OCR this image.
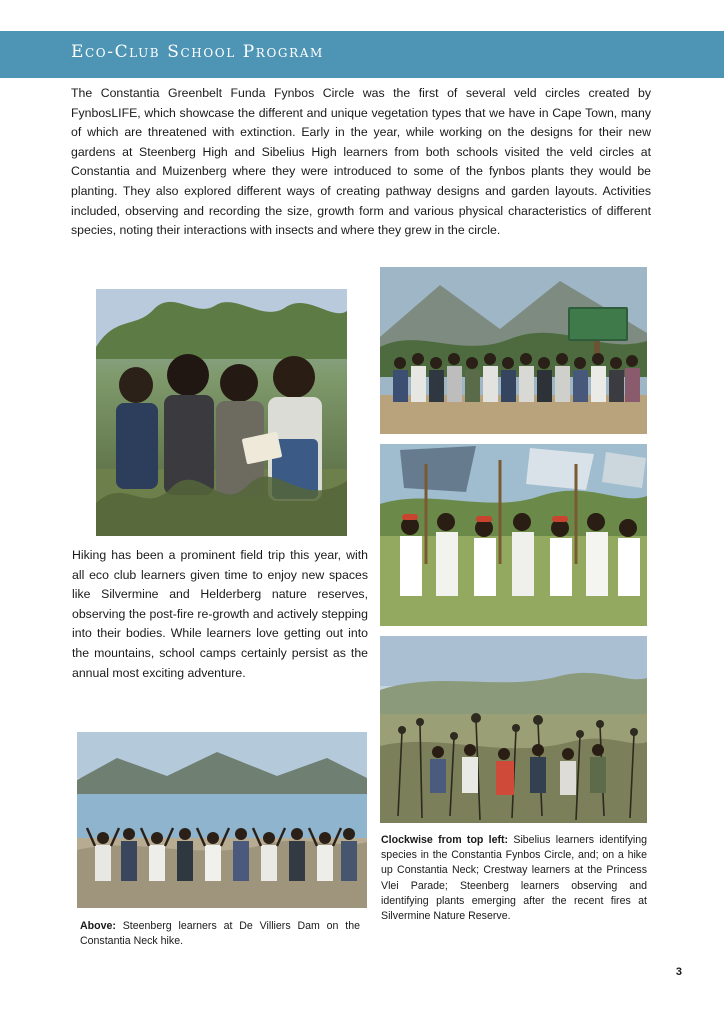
Eco-Club School Program
The Constantia Greenbelt Funda Fynbos Circle was the first of several veld circles created by FynbosLIFE, which showcase the different and unique vegetation types that we have in Cape Town, many of which are threatened with extinction. Early in the year, while working on the designs for their new gardens at Steenberg High and Sibelius High learners from both schools visited the veld circles at Constantia and Muizenberg where they were introduced to some of the fynbos plants they would be planting. They also explored different ways of creating pathway designs and garden layouts. Activities included, observing and recording the size, growth form and various physical characteristics of different species, noting their interactions with insects and where they grew in the circle.
Hiking has been a prominent field trip this year, with all eco club learners given time to enjoy new spaces like Silvermine and Helderberg nature reserves, observing the post-fire re-growth and actively stepping into their bodies. While learners love getting out into the mountains, school camps certainly persist as the annual most exciting adventure.
Above: Steenberg learners at De Villiers Dam on the Constantia Neck hike.
Clockwise from top left: Sibelius learners identifying species in the Constantia Fynbos Circle, and; on a hike up Constantia Neck; Crestway learners at the Princess Vlei Parade; Steenberg learners observing and identifying plants emerging after the recent fires at Silvermine Nature Reserve.
3
